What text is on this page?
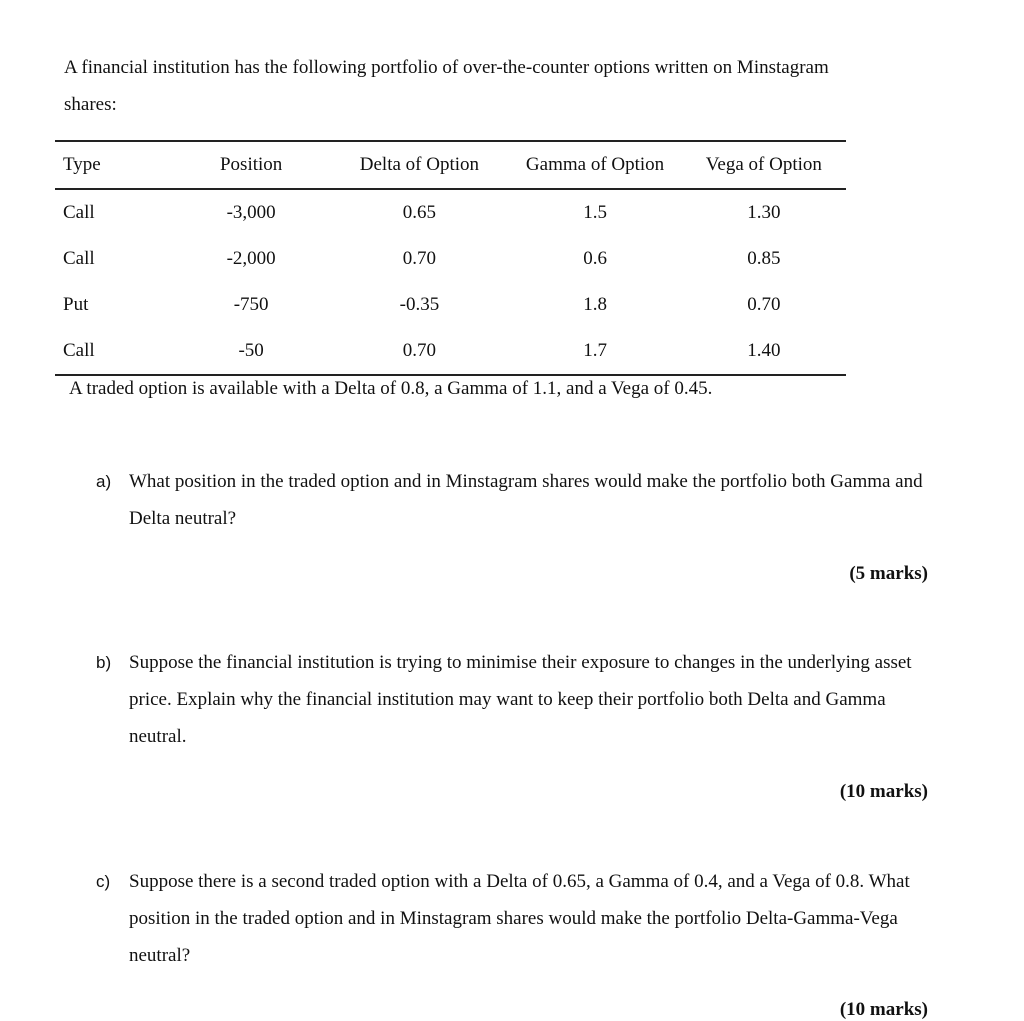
A financial institution has the following portfolio of over-the-counter options written on Minstagram shares:
Type	Position	Delta of Option	Gamma of Option	Vega of Option
Call	-3,000	0.65	1.5	1.30
Call	-2,000	0.70	0.6	0.85
Put	-750	-0.35	1.8	0.70
Call	-50	0.70	1.7	1.40
A traded option is available with a Delta of 0.8, a Gamma of 1.1, and a Vega of 0.45.
a) What position in the traded option and in Minstagram shares would make the portfolio both Gamma and Delta neutral?
(5 marks)
b) Suppose the financial institution is trying to minimise their exposure to changes in the underlying asset price. Explain why the financial institution may want to keep their portfolio both Delta and Gamma neutral.
(10 marks)
c) Suppose there is a second traded option with a Delta of 0.65, a Gamma of 0.4, and a Vega of 0.8. What position in the traded option and in Minstagram shares would make the portfolio Delta-Gamma-Vega neutral?
(10 marks)
